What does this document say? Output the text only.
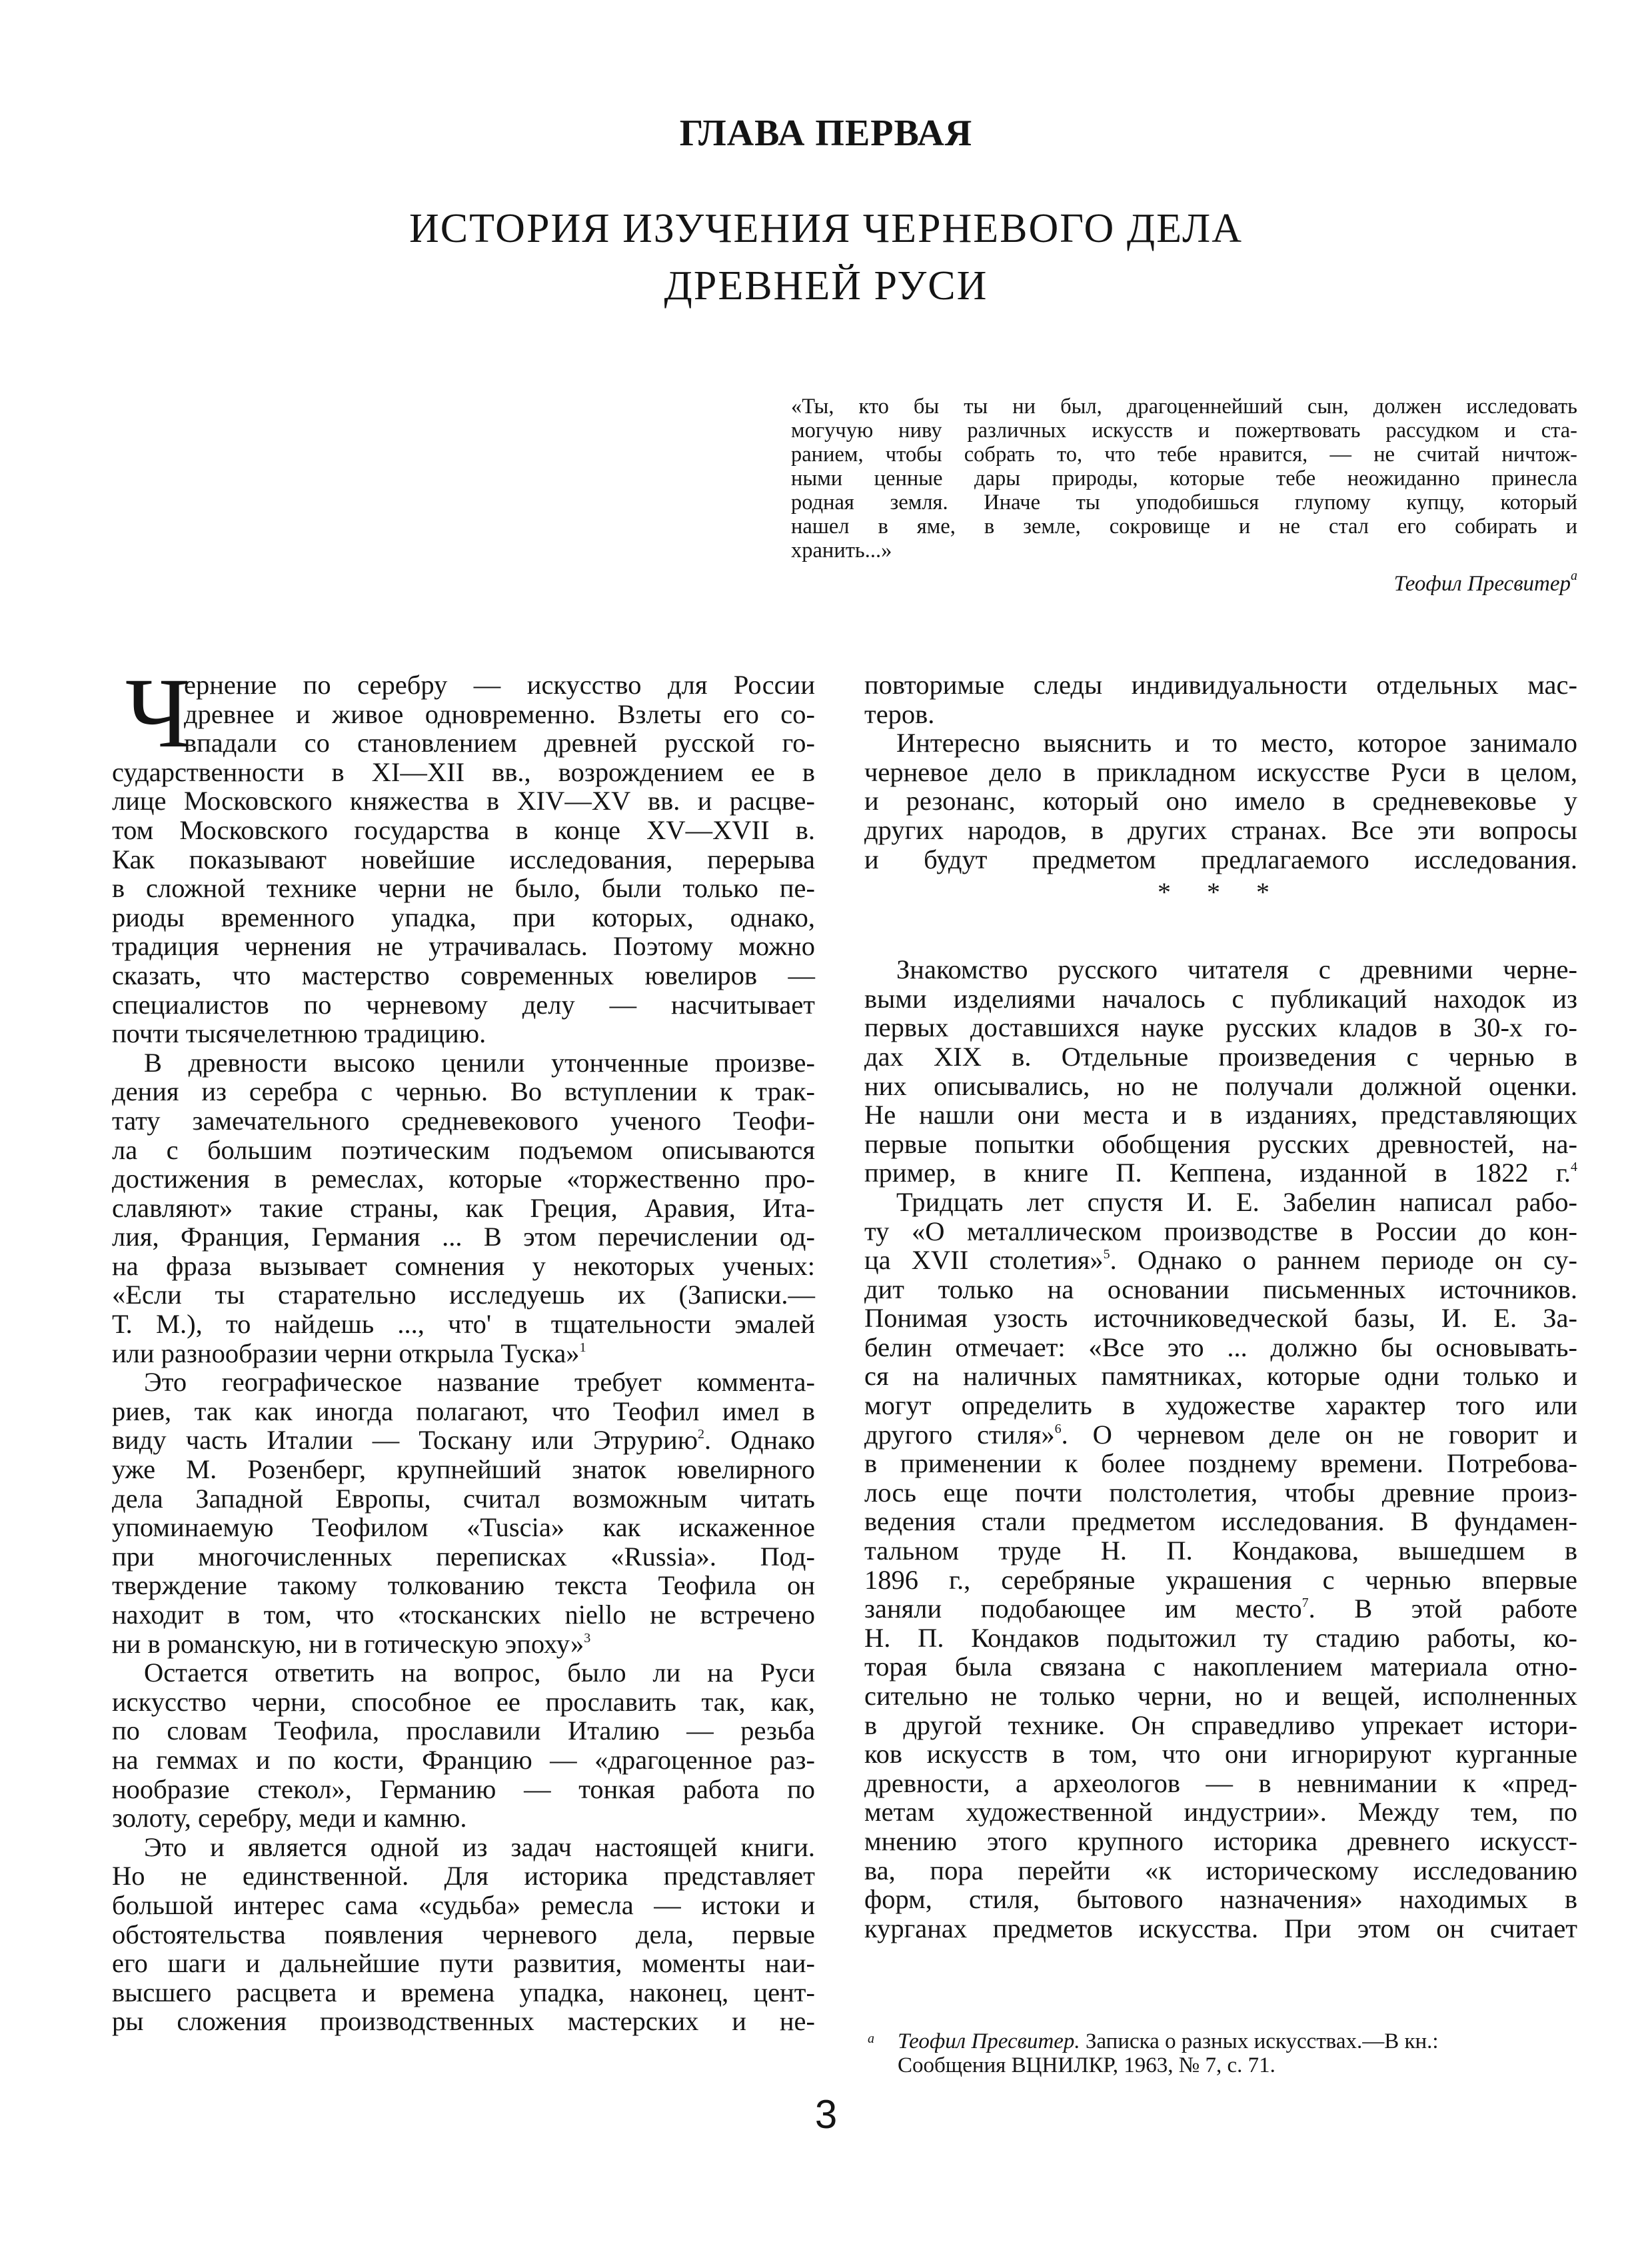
ГЛАВА ПЕРВАЯ
ИСТОРИЯ ИЗУЧЕНИЯ ЧЕРНЕВОГО ДЕЛА
ДРЕВНЕЙ РУСИ
«Ты, кто бы ты ни был, драгоценнейший сын, должен исследовать
могучую ниву различных искусств и пожертвовать рассудком и ста-
ранием, чтобы собрать то, что тебе нравится, — не считай ничтож-
ными ценные дары природы, которые тебе неожиданно принесла
родная земля. Иначе ты уподобишься глупому купцу, который
нашел в яме, в земле, сокровище и не стал его собирать и
хранить...»
Теофил Пресвитер$^а$
Ч
ернение по серебру — искусство для России
древнее и живое одновременно. Взлеты его со-
впадали со становлением древней русской го-
сударственности в XI—XII вв., возрождением ее в
лице Московского княжества в XIV—XV вв. и расцве-
том Московского государства в конце XV—XVII в.
Как показывают новейшие исследования, перерыва
в сложной технике черни не было, были только пе-
риоды временного упадка, при которых, однако,
традиция чернения не утрачивалась. Поэтому можно
сказать, что мастерство современных ювелиров —
специалистов по черневому делу — насчитывает
почти тысячелетнюю традицию.
В древности высоко ценили утонченные произве-
дения из серебра с чернью. Во вступлении к трак-
тату замечательного средневекового ученого Теофи-
ла с большим поэтическим подъемом описываются
достижения в ремеслах, которые «торжественно про-
славляют» такие страны, как Греция, Аравия, Ита-
лия, Франция, Германия ... В этом перечислении од-
на фраза вызывает сомнения у некоторых ученых:
«Если ты старательно исследуешь их (Записки.—
Т. М.), то найдешь ..., что' в тщательности эмалей
или разнообразии черни открыла Туска»$^1$
Это географическое название требует коммента-
риев, так как иногда полагают, что Теофил имел в
виду часть Италии — Тоскану или Этрурию$^2$. Однако
уже М. Розенберг, крупнейший знаток ювелирного
дела Западной Европы, считал возможным читать
упоминаемую Теофилом «Tuscia» как искаженное
при многочисленных переписках «Russia». Под-
тверждение такому толкованию текста Теофила он
находит в том, что «тосканских niello не встречено
ни в романскую, ни в готическую эпоху»$^3$
Остается ответить на вопрос, было ли на Руси
искусство черни, способное ее прославить так, как,
по словам Теофила, прославили Италию — резьба
на геммах и по кости, Францию — «драгоценное раз-
нообразие стекол», Германию — тонкая работа по
золоту, серебру, меди и камню.
Это и является одной из задач настоящей книги.
Но не единственной. Для историка представляет
большой интерес сама «судьба» ремесла — истоки и
обстоятельства появления черневого дела, первые
его шаги и дальнейшие пути развития, моменты наи-
высшего расцвета и времена упадка, наконец, цент-
ры сложения производственных мастерских и не-
повторимые следы индивидуальности отдельных мас-
теров.
Интересно выяснить и то место, которое занимало
черневое дело в прикладном искусстве Руси в целом,
и резонанс, который оно имело в средневековье у
других народов, в других странах. Все эти вопросы
и будут предметом предлагаемого исследования.
* * *
Знакомство русского читателя с древними черне-
выми изделиями началось с публикаций находок из
первых доставшихся науке русских кладов в 30-х го-
дах XIX в. Отдельные произведения с чернью в
них описывались, но не получали должной оценки.
Не нашли они места и в изданиях, представляющих
первые попытки обобщения русских древностей, на-
пример, в книге П. Кеппена, изданной в 1822 г.$^4$
Тридцать лет спустя И. Е. Забелин написал рабо-
ту «О металлическом производстве в России до кон-
ца XVII столетия»$^5$. Однако о раннем периоде он су-
дит только на основании письменных источников.
Понимая узость источниковедческой базы, И. Е. За-
белин отмечает: «Все это ... должно бы основывать-
ся на наличных памятниках, которые одни только и
могут определить в художестве характер того или
другого стиля»$^6$. О черневом деле он не говорит и
в применении к более позднему времени. Потребова-
лось еще почти полстолетия, чтобы древние произ-
ведения стали предметом исследования. В фундамен-
тальном труде Н. П. Кондакова, вышедшем в
1896 г., серебряные украшения с чернью впервые
заняли подобающее им место$^7$. В этой работе
Н. П. Кондаков подытожил ту стадию работы, ко-
торая была связана с накоплением материала отно-
сительно не только черни, но и вещей, исполненных
в другой технике. Он справедливо упрекает истори-
ков искусств в том, что они игнорируют курганные
древности, а археологов — в невнимании к «пред-
метам художественной индустрии». Между тем, по
мнению этого крупного историка древнего искусст-
ва, пора перейти «к историческому исследованию
форм, стиля, бытового назначения» находимых в
курганах предметов искусства. При этом он считает
а Теофил Пресвитер. Записка о разных искусствах.—В кн.:
Сообщения ВЦНИЛКР, 1963, № 7, с. 71.
3
